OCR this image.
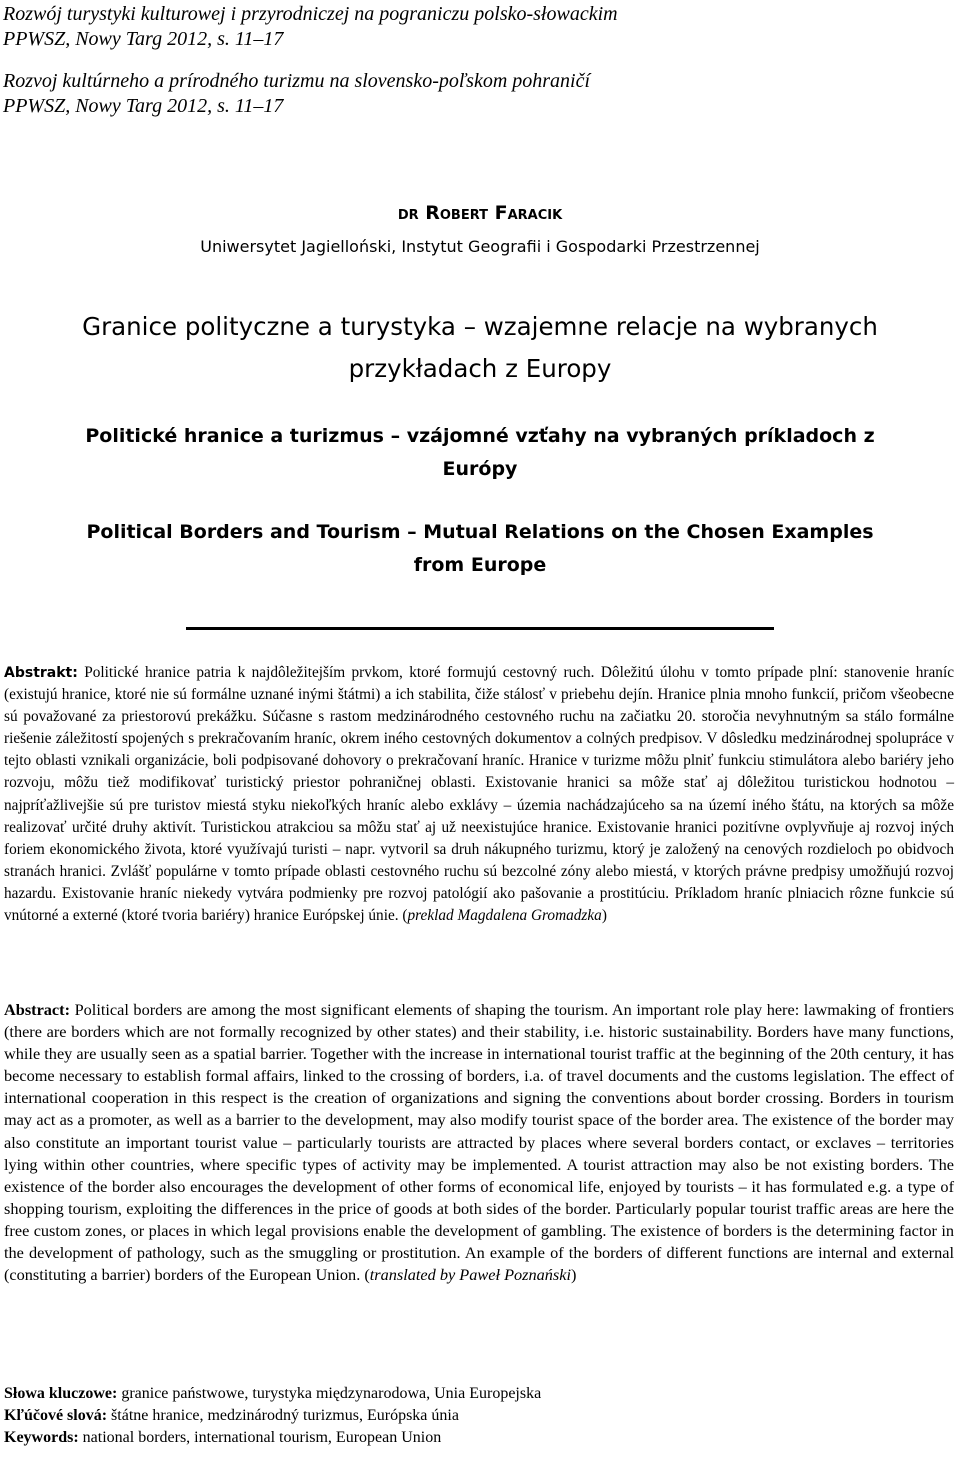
Rozwój turystyki kulturowej i przyrodniczej na pograniczu polsko-słowackim

PPWSZ, Nowy Targ 2012, s. 11–17

Rozvoj kultúrneho a prírodného turizmu na slovensko-poľskom pohraničí

PPWSZ, Nowy Targ 2012, s. 11–17

dr Robert Faracik
Uniwersytet Jagielloński, Instytut Geografii i Gospodarki Przestrzennej
Granice polityczne a turystyka – wzajemne relacje na wybranych przykładach z Europy
Politické hranice a turizmus – vzájomné vzťahy na vybraných príkladoch z Európy
Political Borders and Tourism – Mutual Relations on the Chosen Examples from Europe

Abstrakt: Politické hranice patria k najdôležitejším prvkom, ktoré formujú cestovný ruch. Dôležitú úlohu v tomto prípade plní: stanovenie hraníc (existujú hranice, ktoré nie sú formálne uznané inými štátmi) a ich stabilita, čiže stálosť v priebehu dejín. Hranice plnia mnoho funkcií, pričom všeobecne sú považované za priestorovú prekážku. Súčasne s rastom medzinárodného cestovného ruchu na začiatku 20. storočia nevyhnutným sa stálo formálne riešenie záležitostí spojených s prekračovaním hraníc, okrem iného cestovných dokumentov a colných predpisov. V dôsledku medzinárodnej spolupráce v tejto oblasti vznikali organizácie, boli podpisované dohovory o prekračovaní hraníc. Hranice v turizme môžu plniť funkciu stimulátora alebo bariéry jeho rozvoju, môžu tiež modifikovať turistický priestor pohraničnej oblasti. Existovanie hranici sa môže stať aj dôležitou turistickou hodnotou – najpríťažlivejšie sú pre turistov miestá styku niekoľkých hraníc alebo exklávy – územia nachádzajúceho sa na území iného štátu, na ktorých sa môže realizovať určité druhy aktivít. Turistickou atrakciou sa môžu stať aj už neexistujúce hranice. Existovanie hranici pozitívne ovplyvňuje aj rozvoj iných foriem ekonomického života, ktoré využívajú turisti – napr. vytvoril sa druh nákupného turizmu, ktorý je založený na cenových rozdieloch po obidvoch stranách hranici. Zvlášť populárne v tomto prípade oblasti cestovného ruchu sú bezcolné zóny alebo miestá, v ktorých právne predpisy umožňujú rozvoj hazardu. Existovanie hraníc niekedy vytvára podmienky pre rozvoj patológií ako pašovanie a prostitúciu. Príkladom hraníc plniacich rôzne funkcie sú vnútorné a externé (ktoré tvoria bariéry) hranice Európskej únie. (preklad Magdalena Gromadzka)

Abstract: Political borders are among the most significant elements of shaping the tourism. An important role play here: lawmaking of frontiers (there are borders which are not formally recognized by other states) and their stability, i.e. historic sustainability. Borders have many functions, while they are usually seen as a spatial barrier. Together with the increase in international tourist traffic at the beginning of the 20th century, it has become necessary to establish formal affairs, linked to the crossing of borders, i.a. of travel documents and the customs legislation. The effect of international cooperation in this respect is the creation of organizations and signing the conventions about border crossing. Borders in tourism may act as a promoter, as well as a barrier to the development, may also modify tourist space of the border area. The existence of the border may also constitute an important tourist value – particularly tourists are attracted by places where several borders contact, or exclaves – territories lying within other countries, where specific types of activity may be implemented. A tourist attraction may also be not existing borders. The existence of the border also encourages the development of other forms of economical life, enjoyed by tourists – it has formulated e.g. a type of shopping tourism, exploiting the differences in the price of goods at both sides of the border. Particularly popular tourist traffic areas are here the free custom zones, or places in which legal provisions enable the development of gambling. The existence of borders is the determining factor in the development of pathology, such as the smuggling or prostitution. An example of the borders of different functions are internal and external (constituting a barrier) borders of the European Union. (translated by Paweł Poznański)

Słowa kluczowe: granice państwowe, turystyka międzynarodowa, Unia Europejska

Kľúčové slová: štátne hranice, medzinárodný turizmus, Európska únia

Keywords: national borders, international tourism, European Union
